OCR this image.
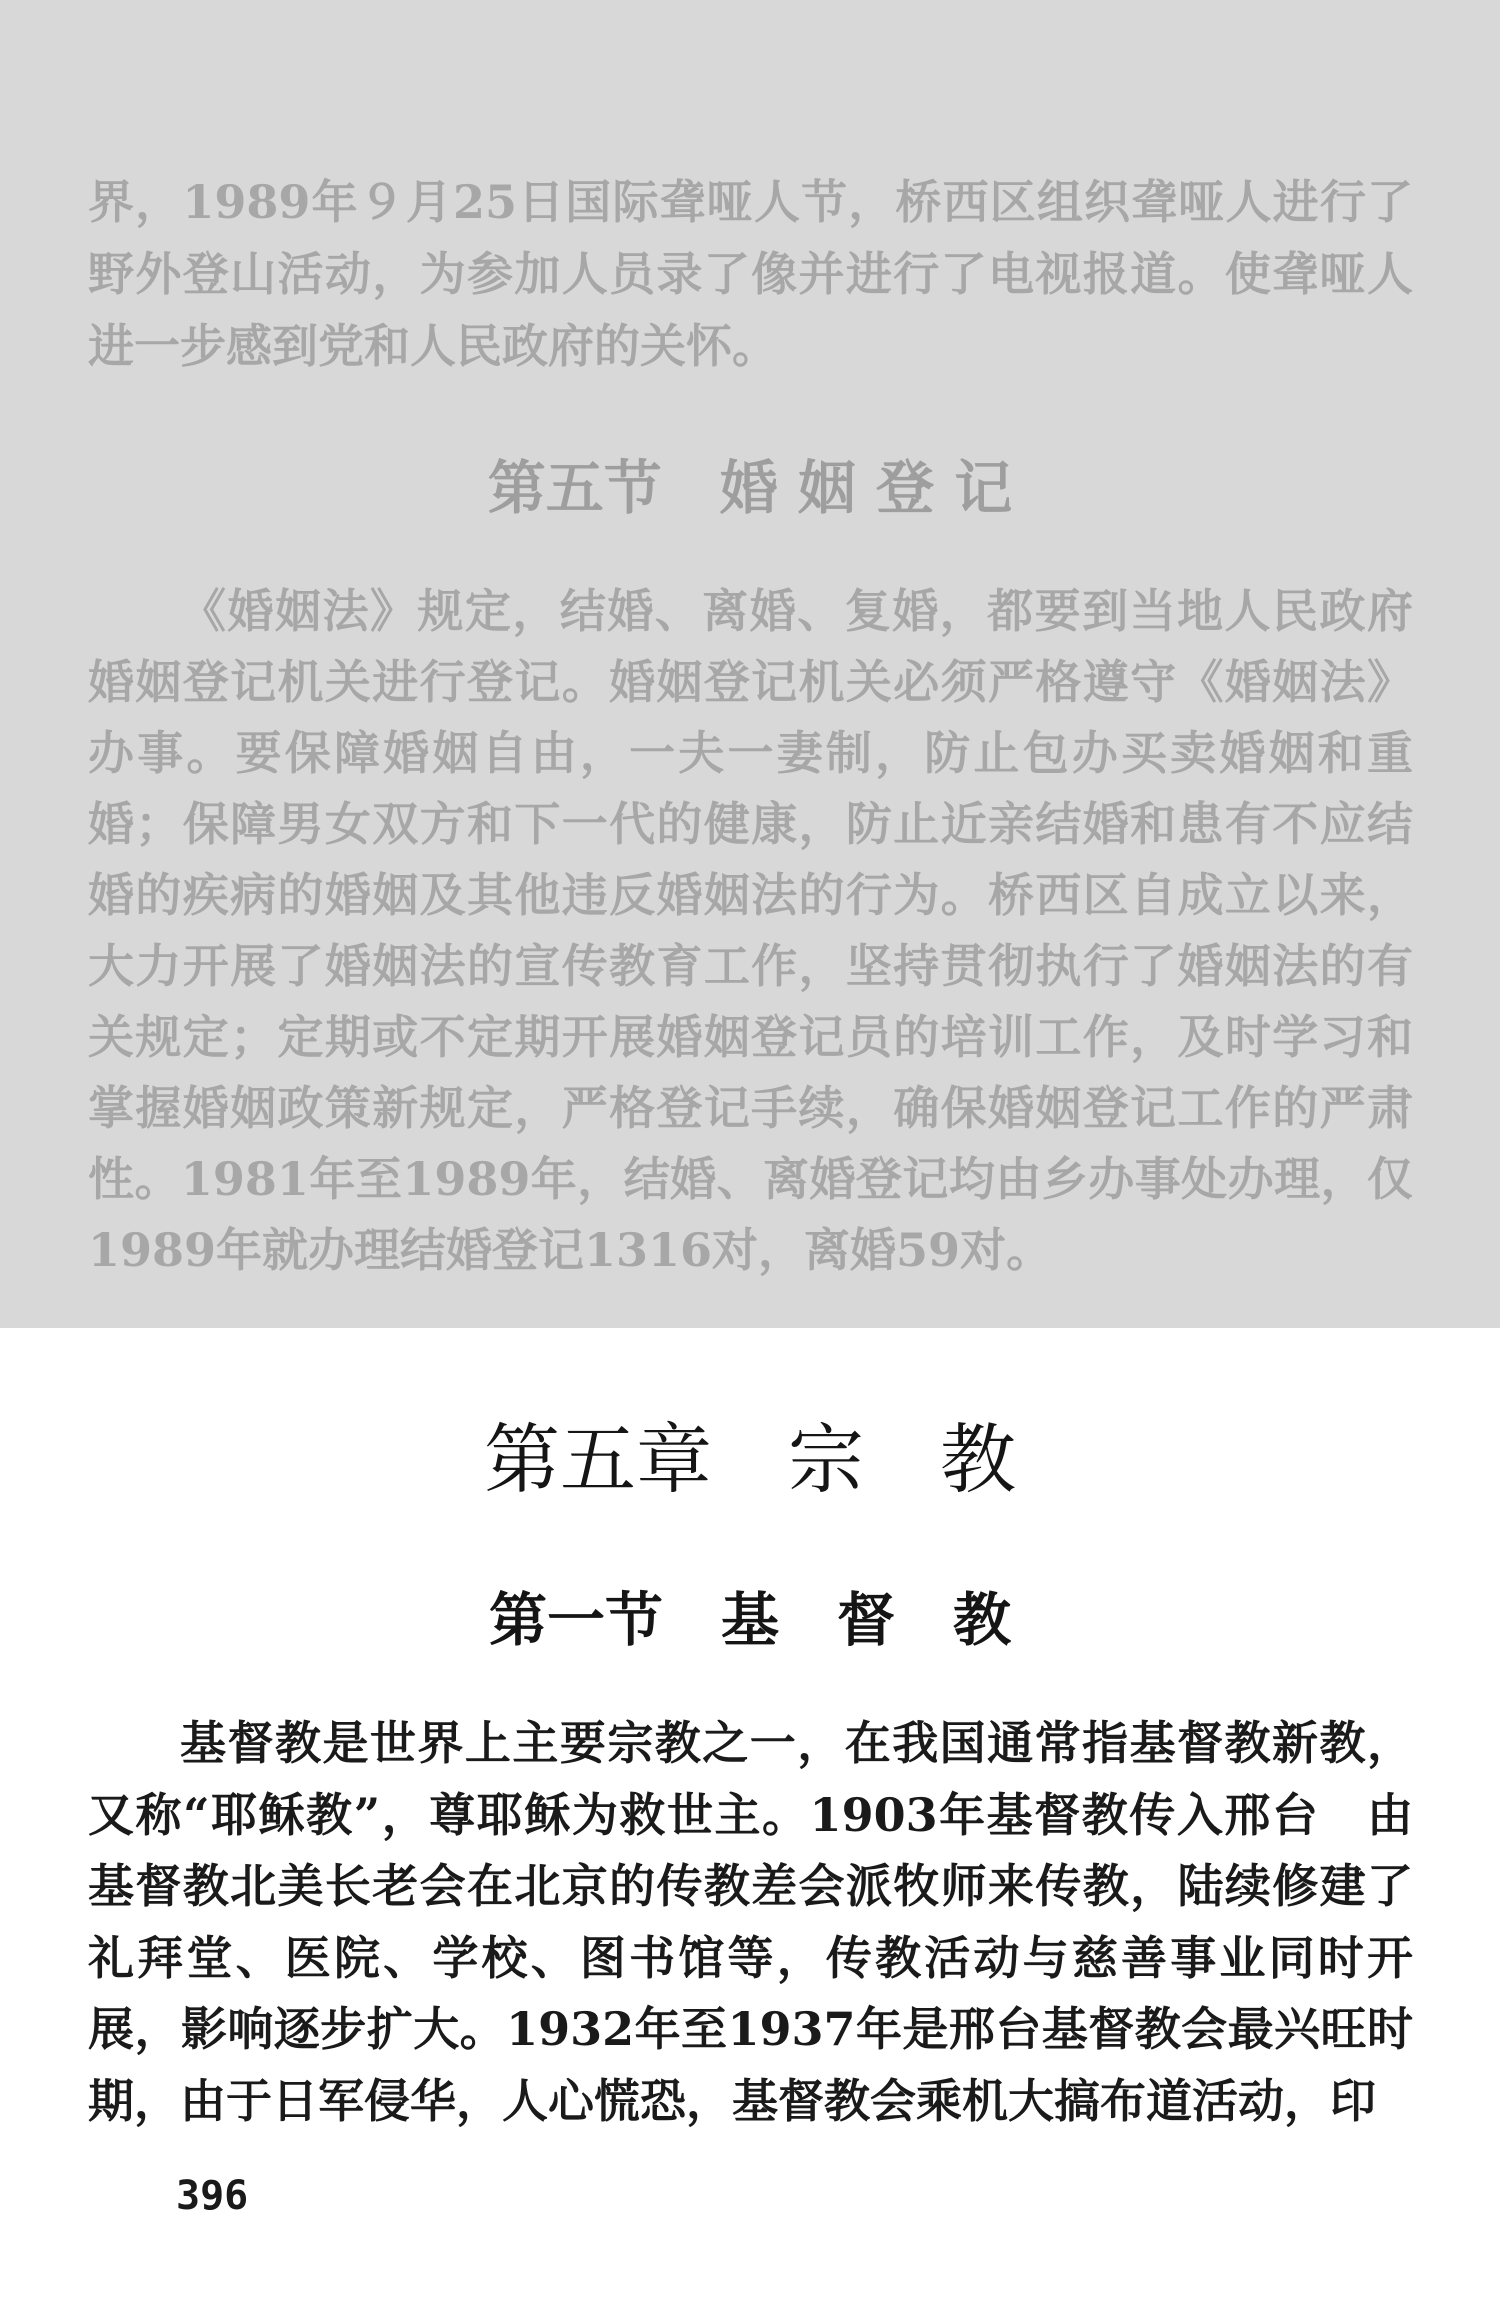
界，1989年９月25日国际聋哑人节，桥西区组织聋哑人进行了野外登山活动，为参加人员录了像并进行了电视报道。使聋哑人进一步感到党和人民政府的关怀。

第五节　婚 姻 登 记

《婚姻法》规定，结婚、离婚、复婚，都要到当地人民政府婚姻登记机关进行登记。婚姻登记机关必须严格遵守《婚姻法》办事。要保障婚姻自由，一夫一妻制，防止包办买卖婚姻和重婚；保障男女双方和下一代的健康，防止近亲结婚和患有不应结婚的疾病的婚姻及其他违反婚姻法的行为。桥西区自成立以来，大力开展了婚姻法的宣传教育工作，坚持贯彻执行了婚姻法的有关规定；定期或不定期开展婚姻登记员的培训工作，及时学习和掌握婚姻政策新规定，严格登记手续，确保婚姻登记工作的严肃性。1981年至1989年，结婚、离婚登记均由乡办事处办理，仅1989年就办理结婚登记1316对，离婚59对。

第五章　宗　教
第一节　基　督　教

基督教是世界上主要宗教之一，在我国通常指基督教新教，又称“耶稣教”，尊耶稣为救世主。1903年基督教传入邢台　由基督教北美长老会在北京的传教差会派牧师来传教，陆续修建了礼拜堂、医院、学校、图书馆等，传教活动与慈善事业同时开展，影响逐步扩大。1932年至1937年是邢台基督教会最兴旺时期，由于日军侵华，人心慌恐，基督教会乘机大搞布道活动，印

396
